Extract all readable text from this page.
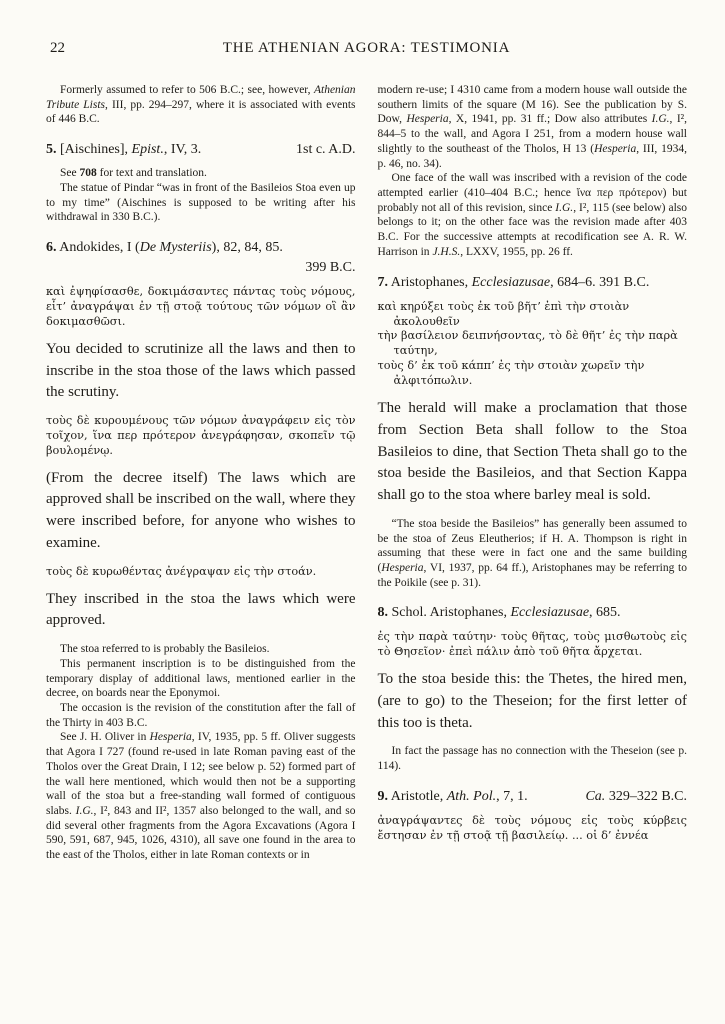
22	THE ATHENIAN AGORA: TESTIMONIA
Formerly assumed to refer to 506 B.C.; see, however, Athenian Tribute Lists, III, pp. 294–297, where it is associated with events of 446 B.C.
5. [Aischines], Epist., IV, 3.	1st c. A.D.
See 708 for text and translation.
The statue of Pindar “was in front of the Basileios Stoa even up to my time” (Aischines is supposed to be writing after his withdrawal in 330 B.C.).
6. Andokides, I (De Mysteriis), 82, 84, 85.
399 B.C.
καὶ ἐψηφίσασθε, δοκιμάσαντες πάντας τοὺς νόμους, εἶτ’ ἀναγράψαι ἐν τῇ στοᾷ τούτους τῶν νόμων οἳ ἂν δοκιμασθῶσι.
You decided to scrutinize all the laws and then to inscribe in the stoa those of the laws which passed the scrutiny.
τοὺς δὲ κυρουμένους τῶν νόμων ἀναγράφειν εἰς τὸν τοῖχον, ἵνα περ πρότερον ἀνεγράφησαν, σκοπεῖν τῷ βουλομένῳ.
(From the decree itself) The laws which are approved shall be inscribed on the wall, where they were inscribed before, for anyone who wishes to examine.
τοὺς δὲ κυρωθέντας ἀνέγραψαν εἰς τὴν στοάν.
They inscribed in the stoa the laws which were approved.
The stoa referred to is probably the Basileios.
This permanent inscription is to be distinguished from the temporary display of additional laws, mentioned earlier in the decree, on boards near the Eponymoi.
The occasion is the revision of the constitution after the fall of the Thirty in 403 B.C.
See J. H. Oliver in Hesperia, IV, 1935, pp. 5 ff. Oliver suggests that Agora I 727 (found re-used in late Roman paving east of the Tholos over the Great Drain, I 12; see below p. 52) formed part of the wall here mentioned, which would then not be a supporting wall of the stoa but a free-standing wall formed of contiguous slabs. I.G., I², 843 and II², 1357 also belonged to the wall, and so did several other fragments from the Agora Excavations (Agora I 590, 591, 687, 945, 1026, 4310), all save one found in the area to the east of the Tholos, either in late Roman contexts or in
modern re-use; I 4310 came from a modern house wall outside the southern limits of the square (M 16). See the publication by S. Dow, Hesperia, X, 1941, pp. 31 ff.; Dow also attributes I.G., I², 844–5 to the wall, and Agora I 251, from a modern house wall slightly to the southeast of the Tholos, H 13 (Hesperia, III, 1934, p. 46, no. 34).
One face of the wall was inscribed with a revision of the code attempted earlier (410–404 B.C.; hence ἵνα περ πρότερον) but probably not all of this revision, since I.G., I², 115 (see below) also belongs to it; on the other face was the revision made after 403 B.C. For the successive attempts at recodification see A. R. W. Harrison in J.H.S., LXXV, 1955, pp. 26 ff.
7. Aristophanes, Ecclesiazusae, 684–6. 391 B.C.
καὶ κηρύξει τοὺς ἐκ τοῦ βῆτ’ ἐπὶ τὴν στοιὰν ἀκολουθεῖν
τὴν βασίλειον δειπνήσοντας, τὸ δὲ θῆτ’ ἐς τὴν παρὰ ταύτην,
τοὺς δ’ ἐκ τοῦ κάππ’ ἐς τὴν στοιὰν χωρεῖν τὴν ἀλφιτόπωλιν.
The herald will make a proclamation that those from Section Beta shall follow to the Stoa Basileios to dine, that Section Theta shall go to the stoa beside the Basileios, and that Section Kappa shall go to the stoa where barley meal is sold.
“The stoa beside the Basileios” has generally been assumed to be the stoa of Zeus Eleutherios; if H. A. Thompson is right in assuming that these were in fact one and the same building (Hesperia, VI, 1937, pp. 64 ff.), Aristophanes may be referring to the Poikile (see p. 31).
8. Schol. Aristophanes, Ecclesiazusae, 685.
ἐς τὴν παρὰ ταύτην· τοὺς θῆτας, τοὺς μισθωτοὺς εἰς τὸ Θησεῖον· ἐπεὶ πάλιν ἀπὸ τοῦ θῆτα ἄρχεται.
To the stoa beside this: the Thetes, the hired men, (are to go) to the Theseion; for the first letter of this too is theta.
In fact the passage has no connection with the Theseion (see p. 114).
9. Aristotle, Ath. Pol., 7, 1.	Ca. 329–322 B.C.
ἀναγράψαντες δὲ τοὺς νόμους εἰς τοὺς κύρβεις ἔστησαν ἐν τῇ στοᾷ τῇ βασιλείῳ. ... οἱ δ’ ἐννέα
